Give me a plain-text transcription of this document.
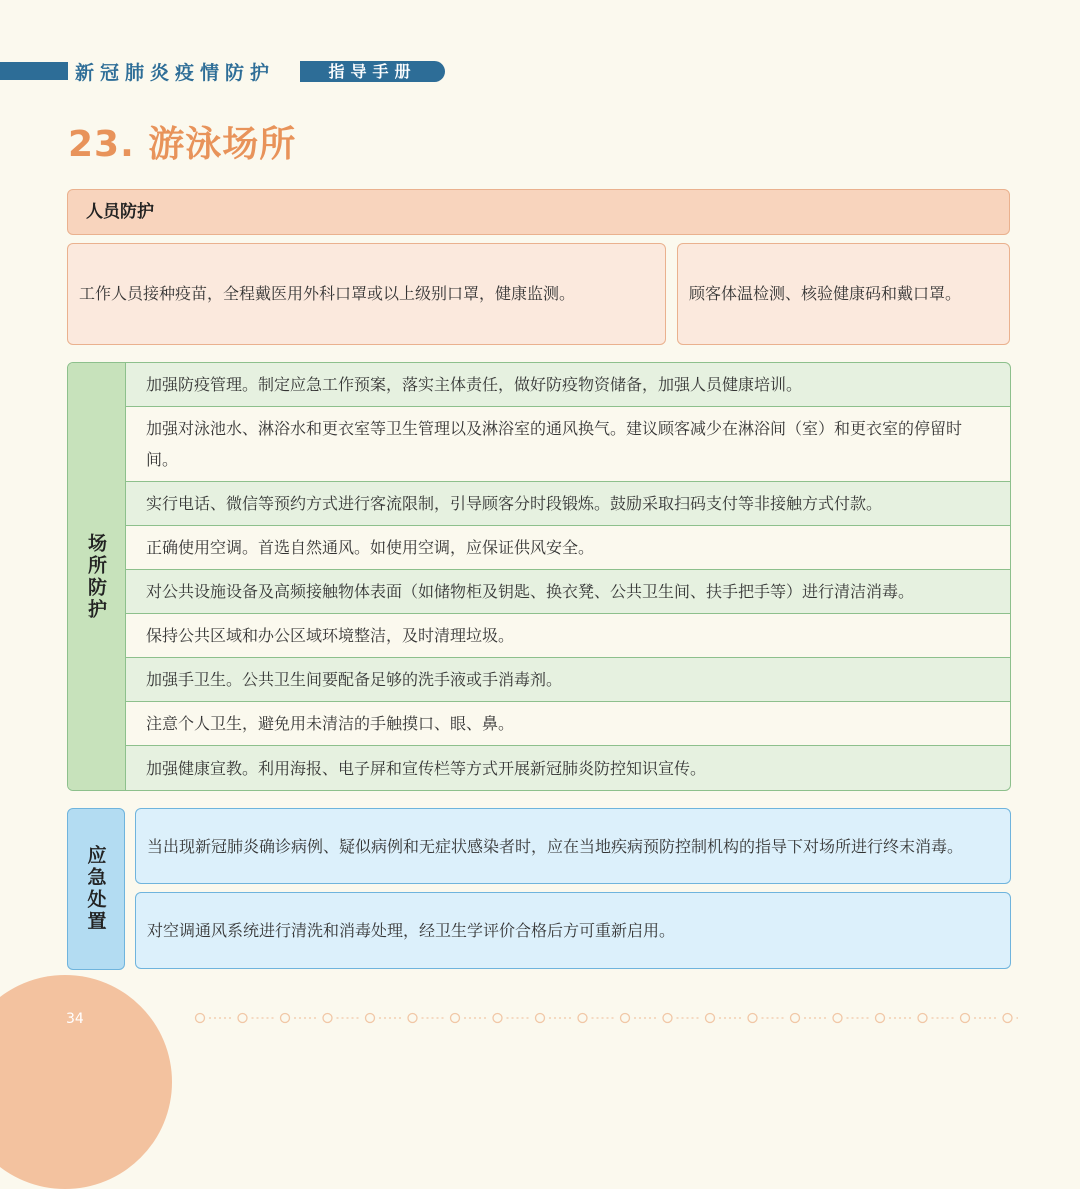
新冠肺炎疫情防护	指导手册
23. 游泳场所
人员防护
工作人员接种疫苗，全程戴医用外科口罩或以上级别口罩，健康监测。	顾客体温检测、核验健康码和戴口罩。
场所防护
加强防疫管理。制定应急工作预案，落实主体责任，做好防疫物资储备，加强人员健康培训。
加强对泳池水、淋浴水和更衣室等卫生管理以及淋浴室的通风换气。建议顾客减少在淋浴间（室）和更衣室的停留时间。
实行电话、微信等预约方式进行客流限制，引导顾客分时段锻炼。鼓励采取扫码支付等非接触方式付款。
正确使用空调。首选自然通风。如使用空调，应保证供风安全。
对公共设施设备及高频接触物体表面（如储物柜及钥匙、换衣凳、公共卫生间、扶手把手等）进行清洁消毒。
保持公共区域和办公区域环境整洁，及时清理垃圾。
加强手卫生。公共卫生间要配备足够的洗手液或手消毒剂。
注意个人卫生，避免用未清洁的手触摸口、眼、鼻。
加强健康宣教。利用海报、电子屏和宣传栏等方式开展新冠肺炎防控知识宣传。
应急处置	当出现新冠肺炎确诊病例、疑似病例和无症状感染者时，应在当地疾病预防控制机构的指导下对场所进行终末消毒。
对空调通风系统进行清洗和消毒处理，经卫生学评价合格后方可重新启用。
34
